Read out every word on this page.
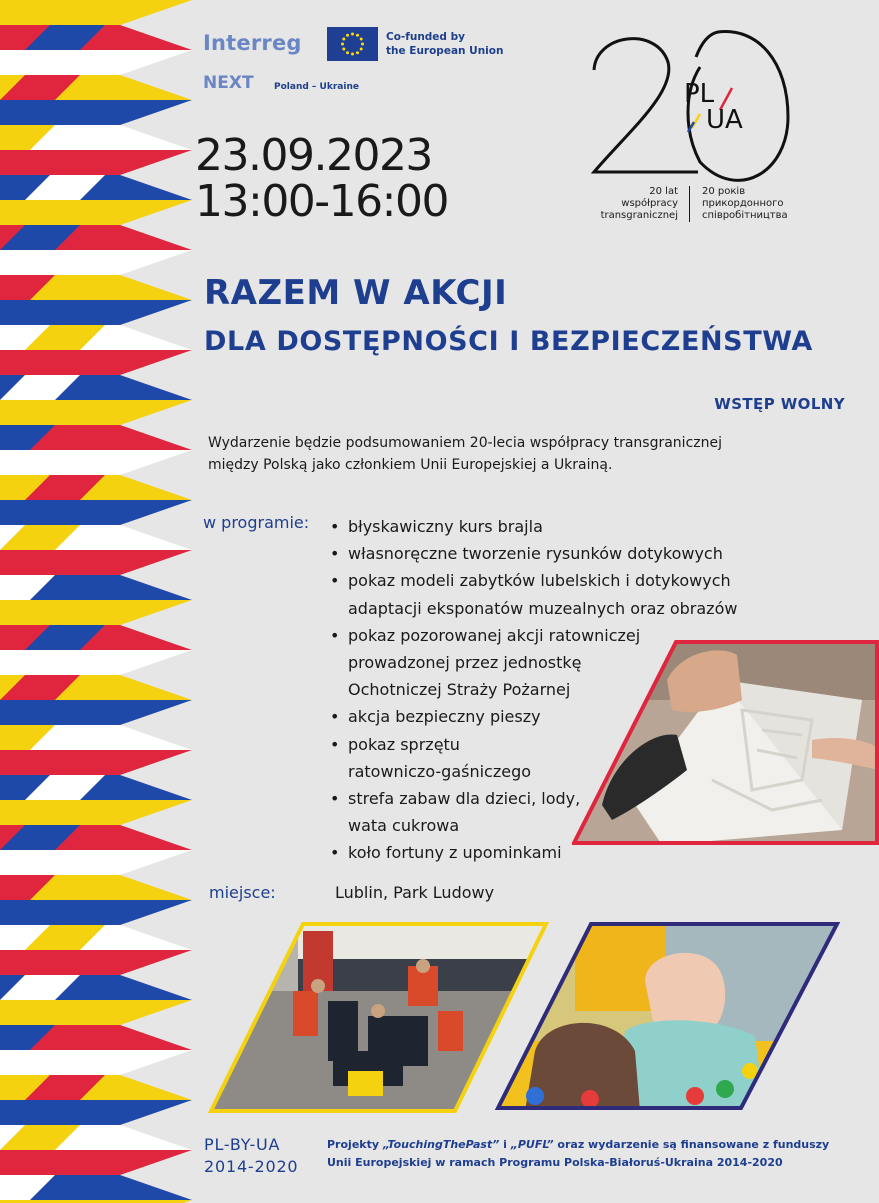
Interreg
NEXT Poland – Ukraine
Co-funded by
the European Union
23.09.2023
13:00-16:00
PL
UA
20 lat
współpracy
transgranicznej
20 років
прикордонного
співробітництва
RAZEM W AKCJI
DLA DOSTĘPNOŚCI I BEZPIECZEŃSTWA
WSTĘP WOLNY
Wydarzenie będzie podsumowaniem 20-lecia współpracy transgranicznej
między Polską jako członkiem Unii Europejskiej a Ukrainą.
w programie:
• błyskawiczny kurs brajla
• własnoręczne tworzenie rysunków dotykowych
• pokaz modeli zabytków lubelskich i dotykowych
adaptacji eksponatów muzealnych oraz obrazów
• pokaz pozorowanej akcji ratowniczej
prowadzonej przez jednostkę
Ochotniczej Straży Pożarnej
• akcja bezpieczny pieszy
• pokaz sprzętu
ratowniczo-gaśniczego
• strefa zabaw dla dzieci, lody,
wata cukrowa
• koło fortuny z upominkami
miejsce:	Lublin, Park Ludowy
PL-BY-UA
2014-2020
Projekty „TouchingThePast” i „PUFL” oraz wydarzenie są finansowane z funduszy
Unii Europejskiej w ramach Programu Polska-Białoruś-Ukraina 2014-2020
